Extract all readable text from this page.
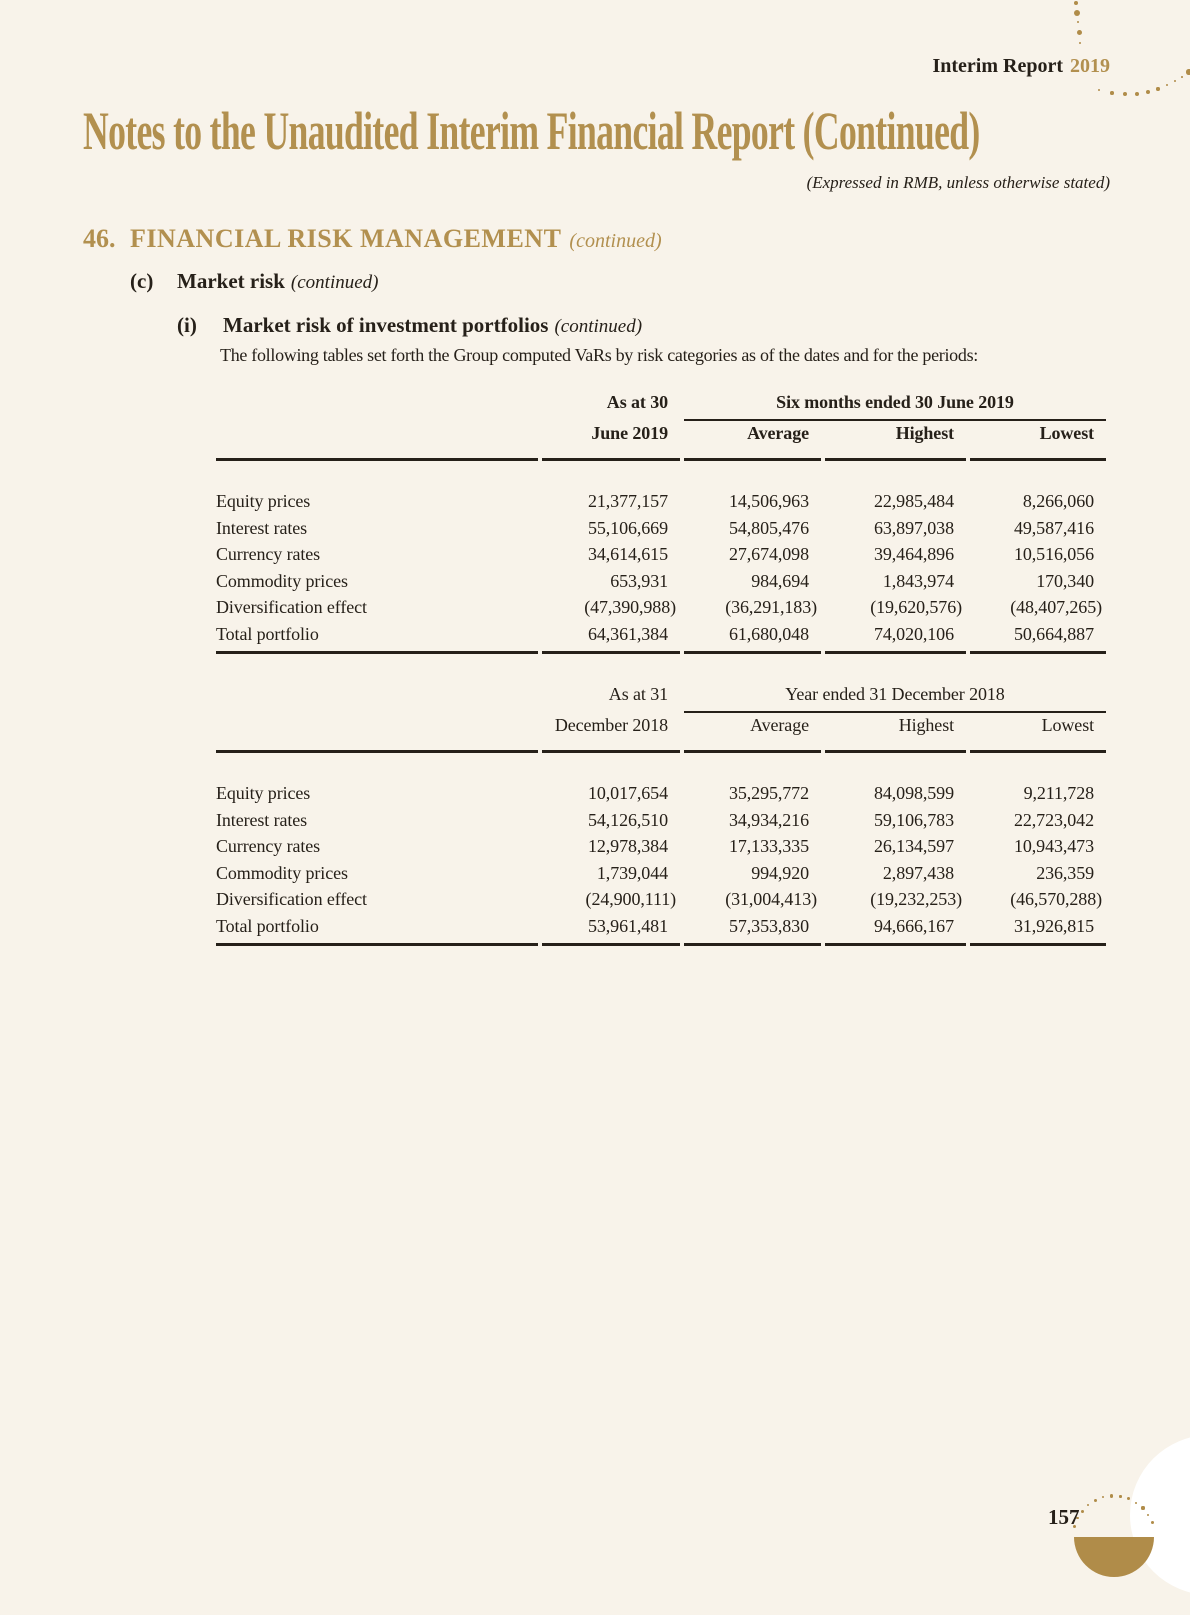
Interim Report 2019
Notes to the Unaudited Interim Financial Report (Continued)
(Expressed in RMB, unless otherwise stated)
46. FINANCIAL RISK MANAGEMENT (continued)
(c) Market risk (continued)
(i) Market risk of investment portfolios (continued)

The following tables set forth the Group computed VaRs by risk categories as of the dates and for the periods:

As at 30	Six months ended 30 June 2019
June 2019	Average	Highest	Lowest
Equity prices	21,377,157	14,506,963	22,985,484	8,266,060
Interest rates	55,106,669	54,805,476	63,897,038	49,587,416
Currency rates	34,614,615	27,674,098	39,464,896	10,516,056
Commodity prices	653,931	984,694	1,843,974	170,340
Diversification effect	(47,390,988)	(36,291,183)	(19,620,576)	(48,407,265)
Total portfolio	64,361,384	61,680,048	74,020,106	50,664,887
As at 31	Year ended 31 December 2018
December 2018	Average	Highest	Lowest
Equity prices	10,017,654	35,295,772	84,098,599	9,211,728
Interest rates	54,126,510	34,934,216	59,106,783	22,723,042
Currency rates	12,978,384	17,133,335	26,134,597	10,943,473
Commodity prices	1,739,044	994,920	2,897,438	236,359
Diversification effect	(24,900,111)	(31,004,413)	(19,232,253)	(46,570,288)
Total portfolio	53,961,481	57,353,830	94,666,167	31,926,815
157
